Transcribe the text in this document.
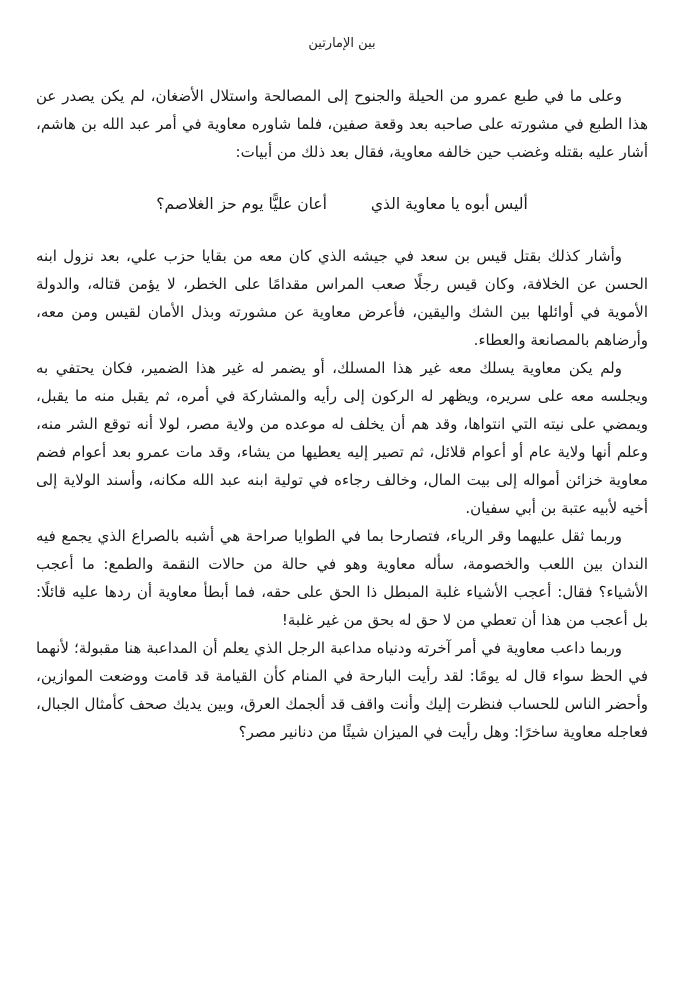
بين الإمارتين

وعلى ما في طبع عمرو من الحيلة والجنوح إلى المصالحة واستلال الأضغان، لم يكن يصدر عن هذا الطبع في مشورته على صاحبه بعد وقعة صفين، فلما شاوره معاوية في أمر عبد الله بن هاشم، أشار عليه بقتله وغضب حين خالفه معاوية، فقال بعد ذلك من أبيات:

أليس أبوه يا معاوية الذي
أعان عليًّا يوم حز الغلاصم؟

وأشار كذلك بقتل قيس بن سعد في جيشه الذي كان معه من بقايا حزب علي، بعد نزول ابنه الحسن عن الخلافة، وكان قيس رجلًا صعب المراس مقدامًا على الخطر، لا يؤمن قتاله، والدولة الأموية في أوائلها بين الشك واليقين، فأعرض معاوية عن مشورته وبذل الأمان لقيس ومن معه، وأرضاهم بالمصانعة والعطاء.

ولم يكن معاوية يسلك معه غير هذا المسلك، أو يضمر له غير هذا الضمير، فكان يحتفي به ويجلسه معه على سريره، ويظهر له الركون إلى رأيه والمشاركة في أمره، ثم يقبل منه ما يقبل، ويمضي على نيته التي انتواها، وقد هم أن يخلف له موعده من ولاية مصر، لولا أنه توقع الشر منه، وعلم أنها ولاية عام أو أعوام قلائل، ثم تصير إليه يعطيها من يشاء، وقد مات عمرو بعد أعوام فضم معاوية خزائن أمواله إلى بيت المال، وخالف رجاءه في تولية ابنه عبد الله مكانه، وأسند الولاية إلى أخيه لأبيه عتبة بن أبي سفيان.

وربما ثقل عليهما وقر الرياء، فتصارحا بما في الطوايا صراحة هي أشبه بالصراع الذي يجمع فيه الندان بين اللعب والخصومة، سأله معاوية وهو في حالة من حالات النقمة والطمع: ما أعجب الأشياء؟ فقال: أعجب الأشياء غلبة المبطل ذا الحق على حقه، فما أبطأ معاوية أن ردها عليه قائلًا: بل أعجب من هذا أن تعطي من لا حق له بحق من غير غلبة!

وربما داعب معاوية في أمر آخرته ودنياه مداعبة الرجل الذي يعلم أن المداعبة هنا مقبولة؛ لأنهما في الحظ سواء قال له يومًا: لقد رأيت البارحة في المنام كأن القيامة قد قامت ووضعت الموازين، وأحضر الناس للحساب فنظرت إليك وأنت واقف قد ألجمك العرق، وبين يديك صحف كأمثال الجبال، فعاجله معاوية ساخرًا: وهل رأيت في الميزان شيئًا من دنانير مصر؟
